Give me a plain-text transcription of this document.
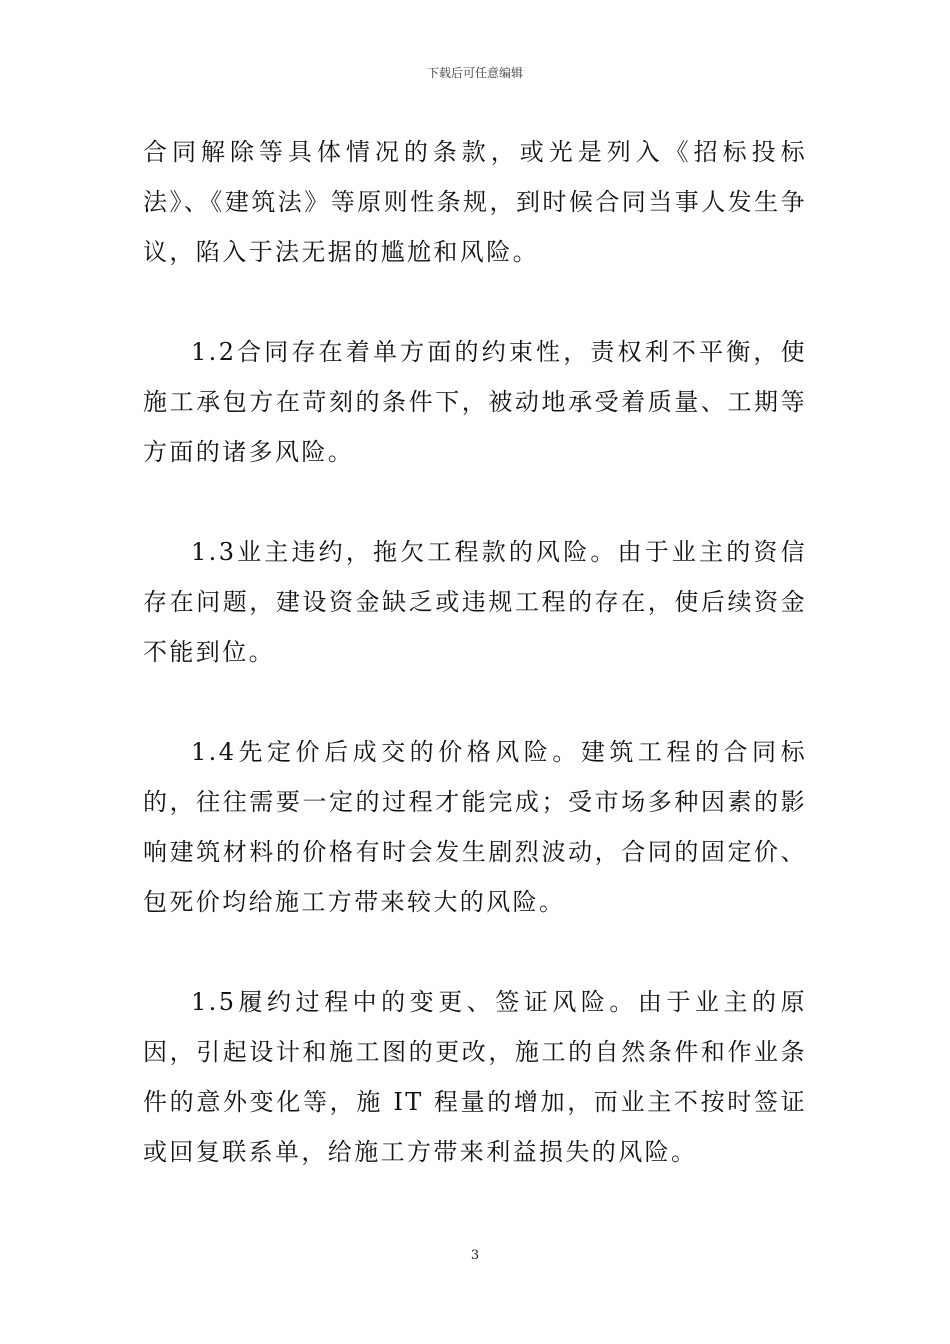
下载后可任意编辑

合同解除等具体情况的条款，或光是列入《招标投标法》、《建筑法》等原则性条规，到时候合同当事人发生争议，陷入于法无据的尴尬和风险。

1.2合同存在着单方面的约束性，责权利不平衡，使施工承包方在苛刻的条件下，被动地承受着质量、工期等方面的诸多风险。

1.3业主违约，拖欠工程款的风险。由于业主的资信存在问题，建设资金缺乏或违规工程的存在，使后续资金不能到位。

1.4先定价后成交的价格风险。建筑工程的合同标的，往往需要一定的过程才能完成；受市场多种因素的影响建筑材料的价格有时会发生剧烈波动，合同的固定价、包死价均给施工方带来较大的风险。

1.5履约过程中的变更、签证风险。由于业主的原因，引起设计和施工图的更改，施工的自然条件和作业条件的意外变化等，施 IT 程量的增加，而业主不按时签证或回复联系单，给施工方带来利益损失的风险。

3
